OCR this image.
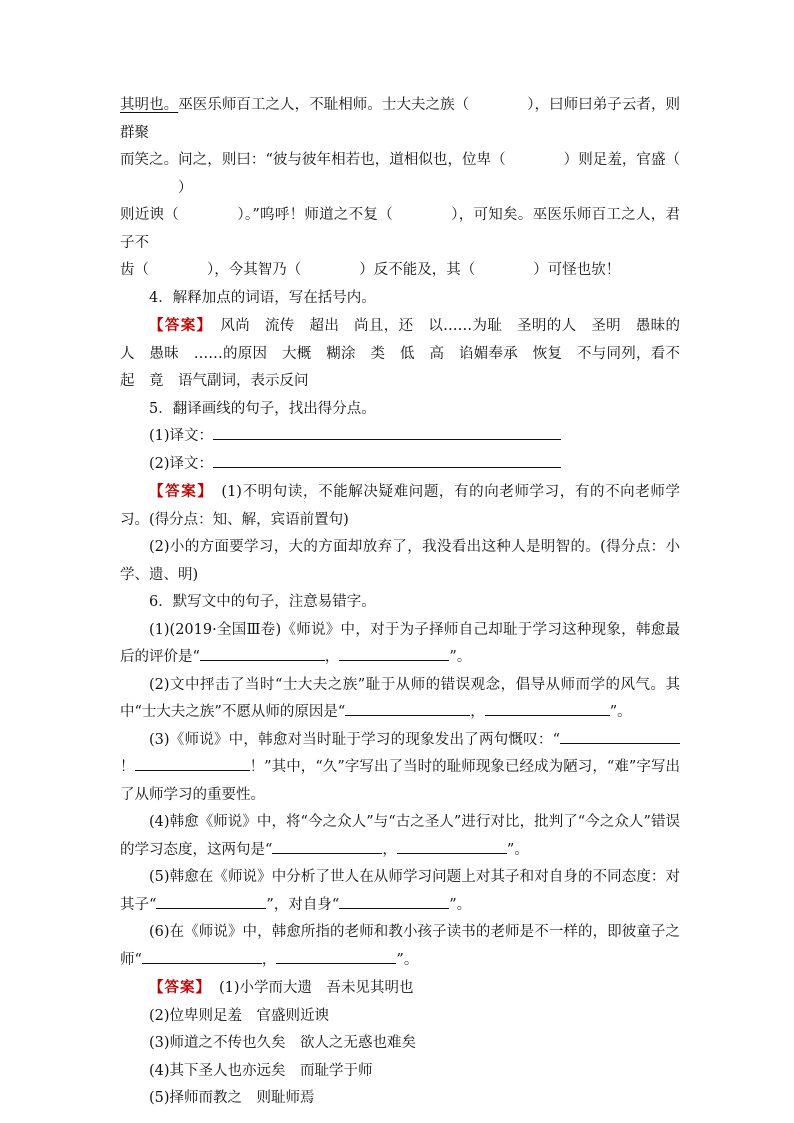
其明也。巫医乐师百工之人，不耻相师。士大夫之族（	），曰师曰弟子云者，则群聚

而笑之。问之，则曰：“彼与彼年相若也，道相似也，位卑（	）则足羞，官盛（）

则近谀（	）。”呜呼！师道之不复（	），可知矣。巫医乐师百工之人，君子不

齿（	），今其智乃（	）反不能及，其（	）可怪也欤！

4．解释加点的词语，写在括号内。

【答案】 风尚　流传　超出　尚且，还　以……为耻　圣明的人　圣明　愚昧的人　愚昧　……的原因　大概　糊涂　类　低　高　谄媚奉承　恢复　不与同列，看不起　竟　语气副词，表示反问

5．翻译画线的句子，找出得分点。

(1)译文：

(2)译文：

【答案】 (1)不明句读，不能解决疑难问题，有的向老师学习，有的不向老师学习。(得分点：知、解，宾语前置句)

(2)小的方面要学习，大的方面却放弃了，我没看出这种人是明智的。(得分点：小学、遗、明)

6．默写文中的句子，注意易错字。

(1)(2019·全国Ⅲ卷)《师说》中，对于为子择师自己却耻于学习这种现象，韩愈最后的评价是“	，	”。

(2)文中抨击了当时“士大夫之族”耻于从师的错误观念，倡导从师而学的风气。其中“士大夫之族”不愿从师的原因是“	，	”。

(3)《师说》中，韩愈对当时耻于学习的现象发出了两句慨叹：“！	！”其中，“久”字写出了当时的耻师现象已经成为陋习，“难”字写出了从师学习的重要性。

(4)韩愈《师说》中，将“今之众人”与“古之圣人”进行对比，批判了“今之众人”错误的学习态度，这两句是“	，	”。

(5)韩愈在《师说》中分析了世人在从师学习问题上对其子和对自身的不同态度：对其子“	”，对自身“	”。

(6)在《师说》中，韩愈所指的老师和教小孩子读书的老师是不一样的，即彼童子之师“	，	”。

【答案】 (1)小学而大遗　吾未见其明也

(2)位卑则足羞　官盛则近谀

(3)师道之不传也久矣　欲人之无惑也难矣

(4)其下圣人也亦远矣　而耻学于师

(5)择师而教之　则耻师焉
